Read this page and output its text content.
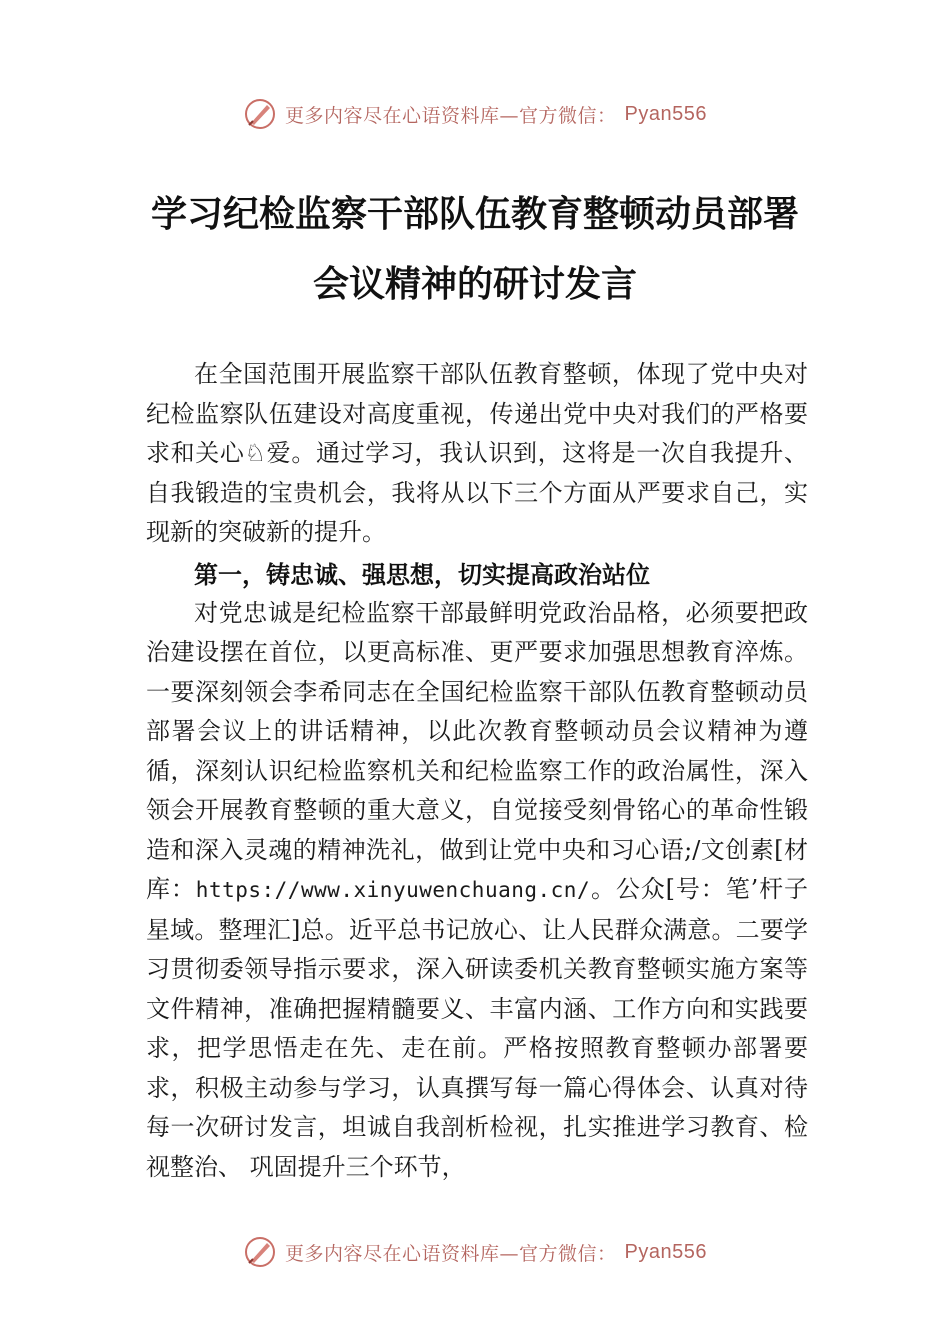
更多内容尽在心语资料库—官方微信： Pyan556
学习纪检监察干部队伍教育整顿动员部署
会议精神的研讨发言

在全国范围开展监察干部队伍教育整顿，体现了党中央对纪检监察队伍建设对高度重视，传递出党中央对我们的严格要求和关心♘爱。通过学习，我认识到，这将是一次自我提升、自我锻造的宝贵机会，我将从以下三个方面从严要求自己，实现新的突破新的提升。

第一，铸忠诚、强思想，切实提高政治站位

对党忠诚是纪检监察干部最鲜明党政治品格，必须要把政治建设摆在首位，以更高标准、更严要求加强思想教育淬炼。一要深刻领会李希同志在全国纪检监察干部队伍教育整顿动员部署会议上的讲话精神，以此次教育整顿动员会议精神为遵循，深刻认识纪检监察机关和纪检监察工作的政治属性，深入领会开展教育整顿的重大意义，自觉接受刻骨铭心的革命性锻造和深入灵魂的精神洗礼，做到让党中央和习心语;/文创素[材库：https://www.xinyuwenchuang.cn/。公众[号：笔’杆子星域。整理汇]总。近平总书记放心、让人民群众满意。二要学习贯彻委领导指示要求，深入研读委机关教育整顿实施方案等文件精神，准确把握精髓要义、丰富内涵、工作方向和实践要求，把学思悟走在先、走在前。严格按照教育整顿办部署要求，积极主动参与学习，认真撰写每一篇心得体会、认真对待每一次研讨发言，坦诚自我剖析检视，扎实推进学习教育、检视整治、 巩固提升三个环节，

更多内容尽在心语资料库—官方微信： Pyan556
